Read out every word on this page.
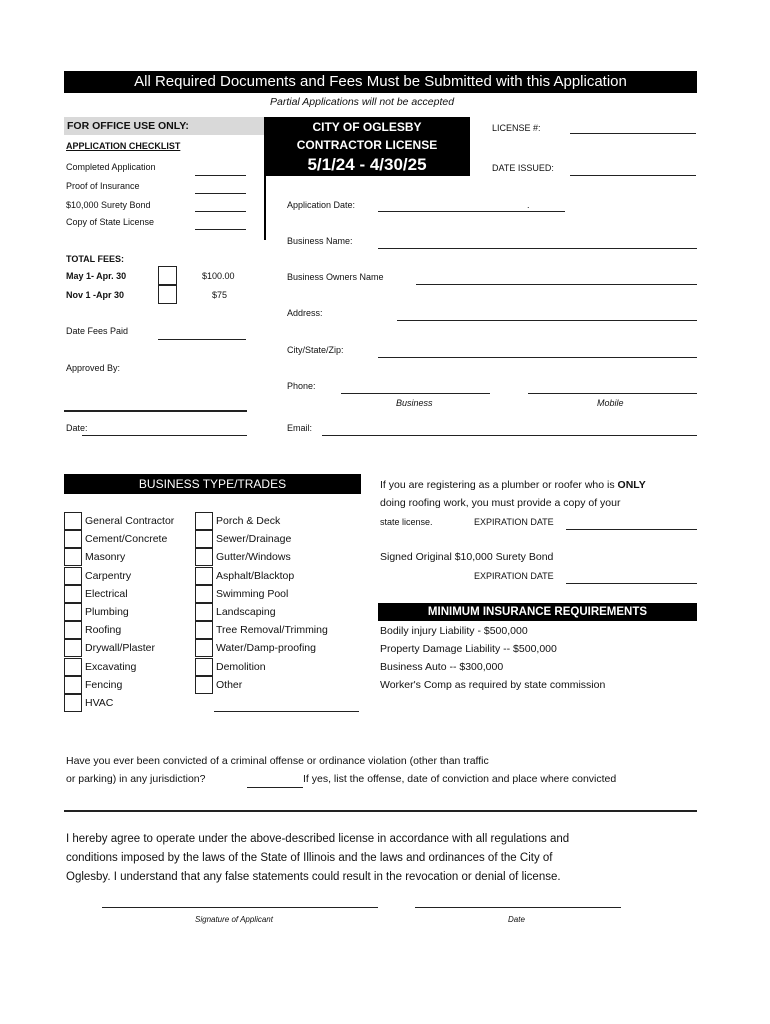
All Required Documents and Fees Must be Submitted with this Application
Partial Applications will not be accepted
FOR OFFICE USE ONLY:
APPLICATION CHECKLIST
CITY OF OGLESBY
CONTRACTOR LICENSE
5/1/24 - 4/30/25
LICENSE #:
DATE ISSUED:
Completed Application
Proof of Insurance
$10,000 Surety Bond
Copy of State License
TOTAL FEES:
May 1- Apr. 30	$100.00
Nov 1 -Apr 30	$75
Date Fees Paid
Approved By:
Date:
Application Date:	.
Business Name:
Business Owners Name
Address:
City/State/Zip:
Phone:
Business	Mobile
Email:
BUSINESS TYPE/TRADES
General Contractor
Cement/Concrete
Masonry
Carpentry
Electrical
Plumbing
Roofing
Drywall/Plaster
Excavating
Fencing
HVAC
Porch & Deck
Sewer/Drainage
Gutter/Windows
Asphalt/Blacktop
Swimming Pool
Landscaping
Tree Removal/Trimming
Water/Damp-proofing
Demolition
Other
If you are registering as a plumber or roofer who is ONLY
doing roofing work, you must provide a copy of your
state license.	EXPIRATION DATE
Signed Original $10,000 Surety Bond
EXPIRATION DATE
MINIMUM INSURANCE REQUIREMENTS
Bodily injury Liability - $500,000
Property Damage Liability -- $500,000
Business Auto -- $300,000
Worker's Comp as required by state commission
Have you ever been convicted of a criminal offense or ordinance violation (other than traffic
or parking) in any jurisdiction?	If yes, list the offense, date of conviction and place where convicted
I hereby agree to operate under the above-described license in accordance with all regulations and
conditions imposed by the laws of the State of Illinois and the laws and ordinances of the City of
Oglesby. I understand that any false statements could result in the revocation or denial of license.
Signature of Applicant	Date
